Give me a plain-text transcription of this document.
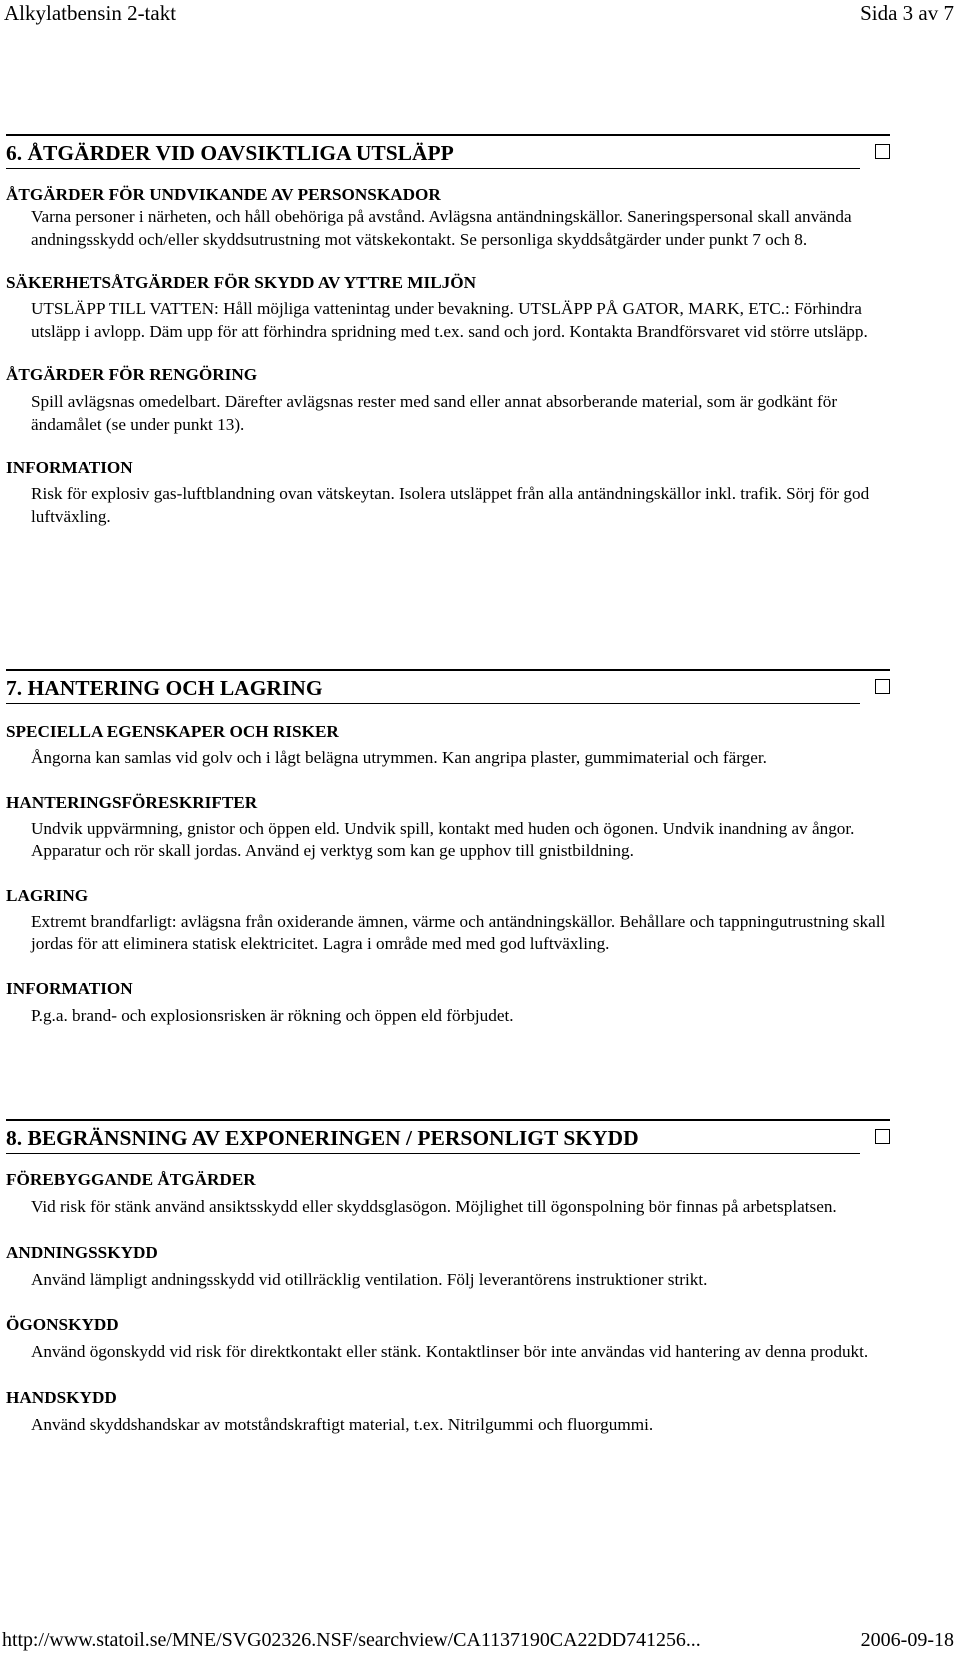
Alkylatbensin 2-takt	Sida 3 av 7
6. ÅTGÄRDER VID OAVSIKTLIGA UTSLÄPP

ÅTGÄRDER FÖR UNDVIKANDE AV PERSONSKADOR

Varna personer i närheten, och håll obehöriga på avstånd. Avlägsna antändningskällor. Saneringspersonal skall använda andningsskydd och/eller skyddsutrustning mot vätskekontakt. Se personliga skyddsåtgärder under punkt 7 och 8.

SÄKERHETSÅTGÄRDER FÖR SKYDD AV YTTRE MILJÖN

UTSLÄPP TILL VATTEN: Håll möjliga vattenintag under bevakning. UTSLÄPP PÅ GATOR, MARK, ETC.: Förhindra utsläpp i avlopp. Däm upp för att förhindra spridning med t.ex. sand och jord. Kontakta Brandförsvaret vid större utsläpp.

ÅTGÄRDER FÖR RENGÖRING

Spill avlägsnas omedelbart. Därefter avlägsnas rester med sand eller annat absorberande material, som är godkänt för ändamålet (se under punkt 13).

INFORMATION

Risk för explosiv gas-luftblandning ovan vätskeytan. Isolera utsläppet från alla antändningskällor inkl. trafik. Sörj för god luftväxling.

7. HANTERING OCH LAGRING

SPECIELLA EGENSKAPER OCH RISKER

Ångorna kan samlas vid golv och i lågt belägna utrymmen. Kan angripa plaster, gummimaterial och färger.

HANTERINGSFÖRESKRIFTER

Undvik uppvärmning, gnistor och öppen eld. Undvik spill, kontakt med huden och ögonen. Undvik inandning av ångor. Apparatur och rör skall jordas. Använd ej verktyg som kan ge upphov till gnistbildning.

LAGRING

Extremt brandfarligt: avlägsna från oxiderande ämnen, värme och antändningskällor. Behållare och tappningutrustning skall jordas för att eliminera statisk elektricitet. Lagra i område med med god luftväxling.

INFORMATION

P.g.a. brand- och explosionsrisken är rökning och öppen eld förbjudet.

8. BEGRÄNSNING AV EXPONERINGEN / PERSONLIGT SKYDD

FÖREBYGGANDE ÅTGÄRDER

Vid risk för stänk använd ansiktsskydd eller skyddsglasögon. Möjlighet till ögonspolning bör finnas på arbetsplatsen.

ANDNINGSSKYDD

Använd lämpligt andningsskydd vid otillräcklig ventilation. Följ leverantörens instruktioner strikt.

ÖGONSKYDD

Använd ögonskydd vid risk för direktkontakt eller stänk. Kontaktlinser bör inte användas vid hantering av denna produkt.

HANDSKYDD

Använd skyddshandskar av motståndskraftigt material, t.ex. Nitrilgummi och fluorgummi.

http://www.statoil.se/MNE/SVG02326.NSF/searchview/CA1137190CA22DD741256...	2006-09-18
